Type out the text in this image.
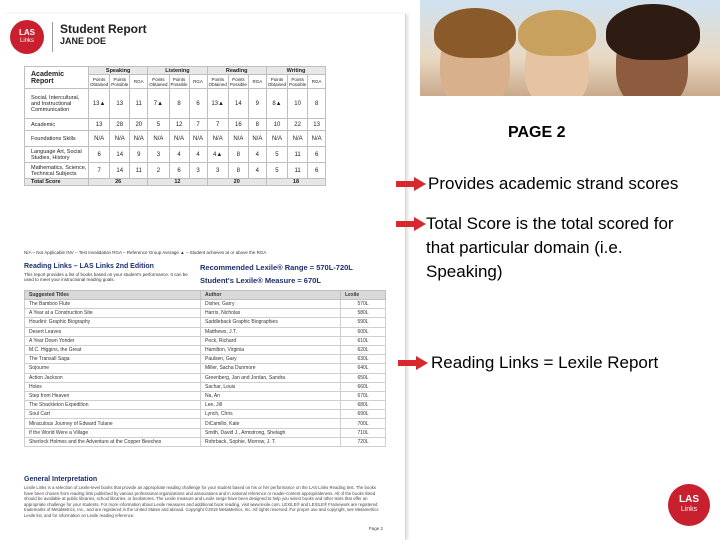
LAS
Links
Student Report
JANE DOE
Academic Report	Speaking			Listening			Reading			Writing		
	Points Obtained	Points Possible	RGA	Points Obtained	Points Possible	RGA	Points Obtained	Points Possible	RGA	Points Obtained	Points Possible	RGA
Social, Intercultural, and Instructional Communication	13▲	13	11	7▲	8	6	13▲	14	9	8▲	10	8
Academic	13	28	20	5	12	7	7	16	8	10	22	13
Foundations Skills	N/A	N/A	N/A	N/A	N/A	N/A	N/A	N/A	N/A	N/A	N/A	N/A
Language Art, Social Studies, History	6	14	9	3	4	4	4▲	8	4	5	11	6
Mathematics, Science, Technical Subjects	7	14	11	2	6	3	3	8	4	5	11	6
Total Score	26			12			20			18		
N/A – Not Applicable INV – Test Invalidation RGA – Reference Group Average ▲ – Student achieves at or above the RGA
Reading Links – LAS Links 2nd Edition
This report provides a list of books based on your student's performance. It can be used to meet your instructional reading goals.
Recommended Lexile® Range = 570L-720L
Student's Lexile® Measure = 670L
Suggested Titles	Author	Lexile
The Bamboo Flute	Disher, Garry	570L
A Year at a Construction Site	Harris, Nicholas	580L
Houdini: Graphic Biography	Saddleback Graphic Biographies	590L
Desert Leaves	Matthews, J.T.	600L
A Year Down Yonder	Peck, Richard	610L
M.C. Higgins, the Great	Hamilton, Virginia	620L
The Transall Saga	Paulsen, Gary	630L
Sojourne	Miller, Sacha Dunmore	640L
Action Jackson	Greenberg, Jan and Jordan, Sandra	650L
Holes	Sachar, Louis	660L
Step from Heaven	Na, An	670L
The Shackleton Expedition	Lee, Jill	680L
Soul Cart	Lynch, Chris	690L
Miraculous Journey of Edward Tulane	DiCamillo, Kate	700L
If the World Were a Village	Smith, David J., Armstrong, Shelagh	710L
Sherlock Holmes and the Adventure at the Copper Beeches	Rohrback, Sophie, Morrow, J. T.	720L
General Interpretation
Lexile Links is a selection of Lexile-level books that provide an appropriate reading challenge for your student based on his or her performance on the LAS Links Reading test. The books have been chosen from reading lists published by various professional organizations and associations and in national reference or reader-content appropriateness. All of the books listed should be available at public libraries, school libraries, or bookstores. The Lexile measure and Lexile range have been designed to help you select books and other texts that offer an appropriate challenge for your students. For more information about Lexile measures and additional book reading, visit www.lexile.com. LEXILE® and LEXILE® Framework are registered trademarks of MetaMetrics, Inc., and are registered in the United States and abroad. Copyright ©2019 MetaMetrics, Inc. All rights reserved. For proper use and copyright, see Metametrics Lexile list, and for information on Lexile reading reference.
Page 2
PAGE 2
Provides academic strand scores
Total Score is the total scored for that particular domain (i.e. Speaking)
Reading Links = Lexile Report
LAS
Links
